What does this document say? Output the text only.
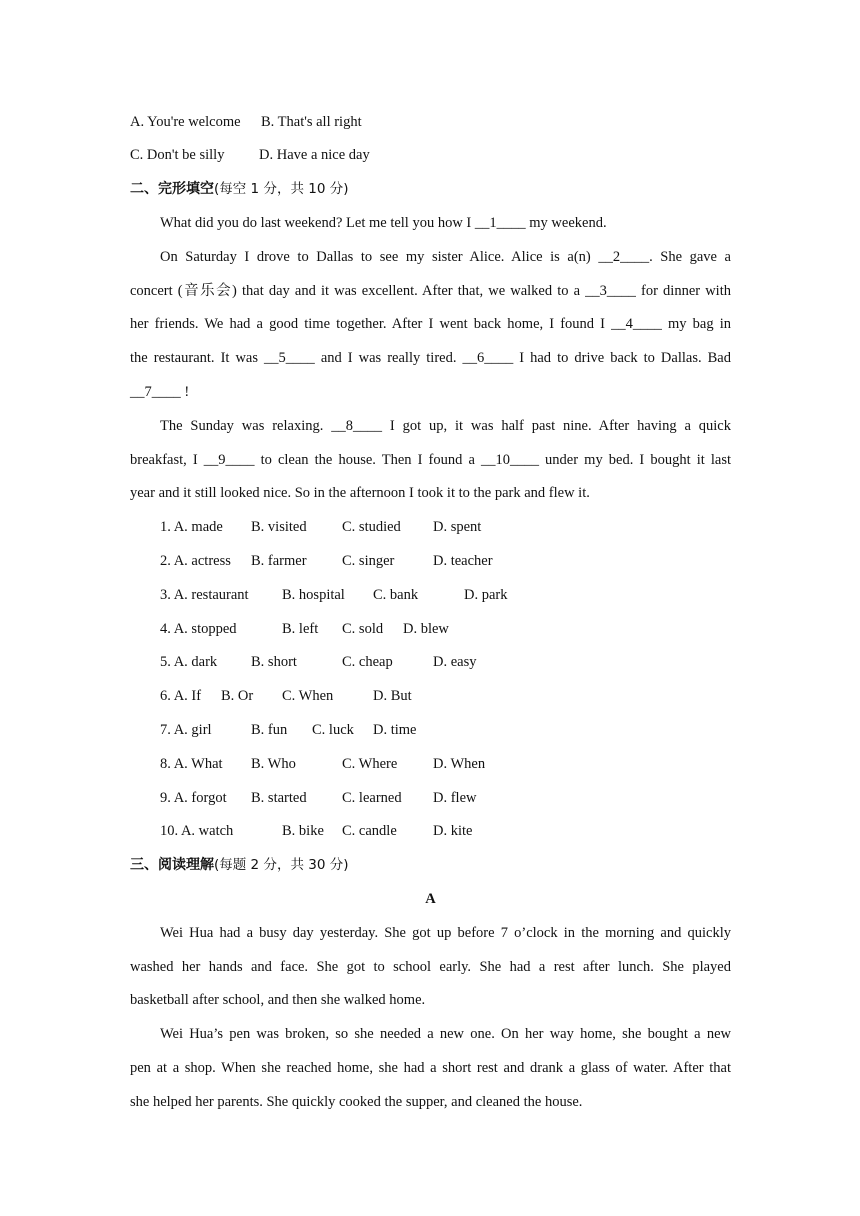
A. You're welcome B. That's all right
C. Don't be silly D. Have a nice day
二、完形填空(每空 1 分，共 10 分)
What did you do last weekend? Let me tell you how I __1____ my weekend.
On Saturday I drove to Dallas to see my sister Alice. Alice is a(n) __2____. She gave a
concert (音乐会) that day and it was excellent. After that, we walked to a __3____ for dinner with
her friends. We had a good time together. After I went back home, I found I __4____ my bag in
the restaurant. It was __5____ and I was really tired. __6____ I had to drive back to Dallas. Bad
__7____ !
The Sunday was relaxing. __8____ I got up, it was half past nine. After having a quick
breakfast, I __9____ to clean the house. Then I found a __10____ under my bed. I bought it last
year and it still looked nice. So in the afternoon I took it to the park and flew it.
1. A. made B. visited C. studied D. spent
2. A. actress B. farmer C. singer	D. teacher
3. A. restaurant B. hospital C. bank	D. park
4. A. stopped	B. left C. sold D. blew
5. A. dark B. short	C. cheap	D. easy
6. A. If B. Or C. When	D. But
7. A. girl	B. fun C. luck D. time
8. A. What B. Who	C. Where D. When
9. A. forgot B. started C. learned D. flew
10. A. watch	B. bike C. candle D. kite
三、阅读理解(每题 2 分，共 30 分)
A
Wei Hua had a busy day yesterday. She got up before 7 o’clock in the morning and quickly
washed her hands and face. She got to school early. She had a rest after lunch. She played
basketball after school, and then she walked home.
Wei Hua’s pen was broken, so she needed a new one. On her way home, she bought a new
pen at a shop. When she reached home, she had a short rest and drank a glass of water. After that
she helped her parents. She quickly cooked the supper, and cleaned the house.
